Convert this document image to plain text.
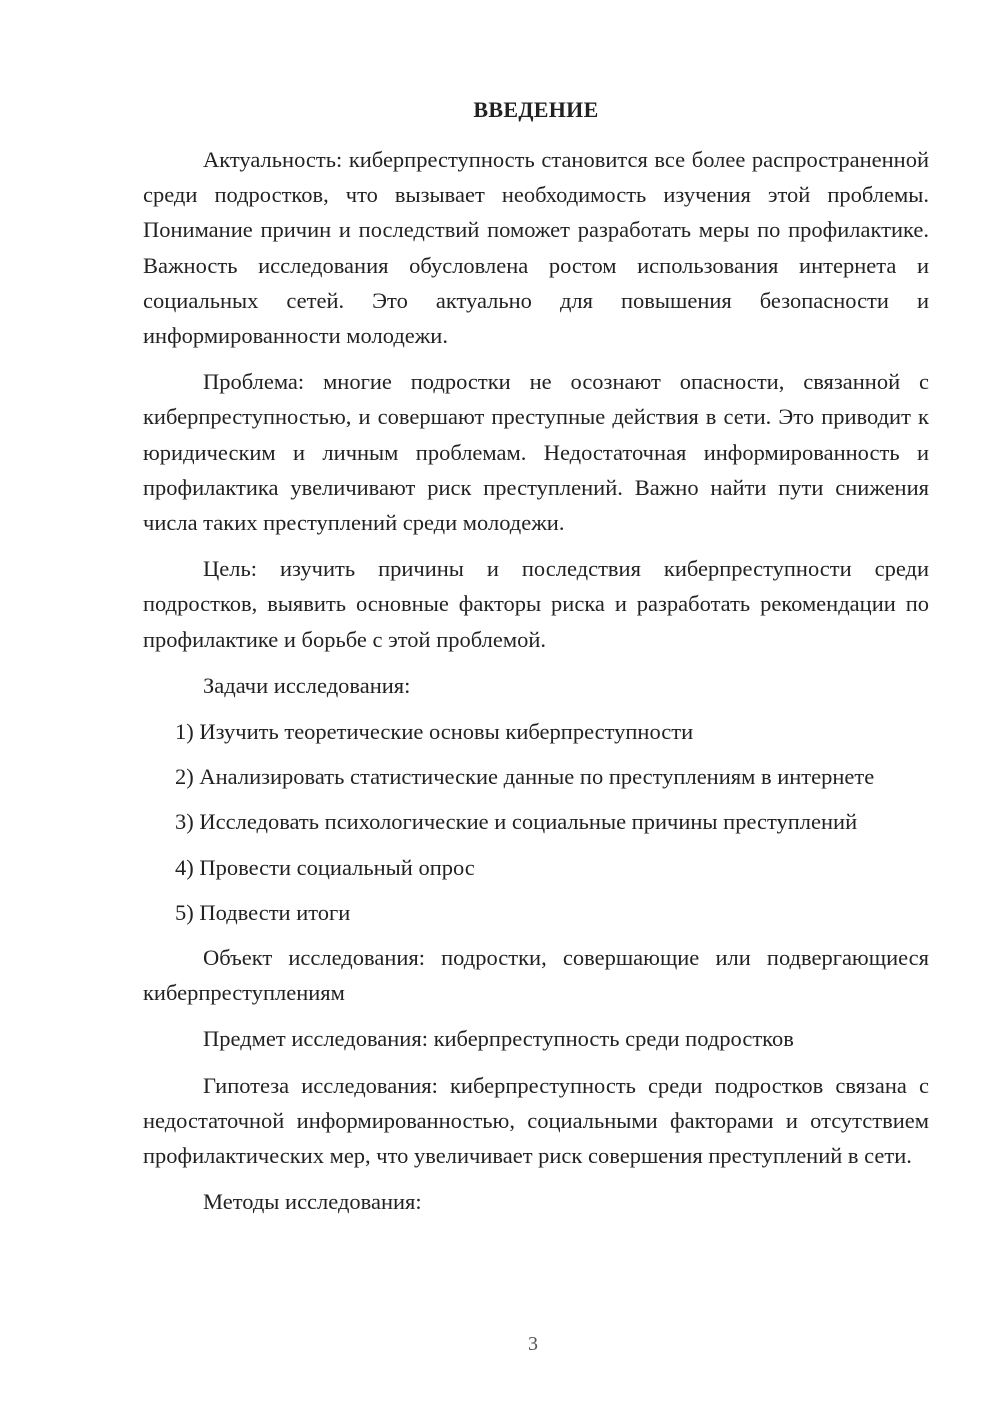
ВВЕДЕНИЕ

Актуальность: киберпреступность становится все более распространенной среди подростков, что вызывает необходимость изучения этой проблемы. Понимание причин и последствий поможет разработать меры по профилактике. Важность исследования обусловлена ростом использования интернета и социальных сетей. Это актуально для повышения безопасности и информированности молодежи.

Проблема: многие подростки не осознают опасности, связанной с киберпреступностью, и совершают преступные действия в сети. Это приводит к юридическим и личным проблемам. Недостаточная информированность и профилактика увеличивают риск преступлений. Важно найти пути снижения числа таких преступлений среди молодежи.

Цель: изучить причины и последствия киберпреступности среди подростков, выявить основные факторы риска и разработать рекомендации по профилактике и борьбе с этой проблемой.

Задачи исследования:

1) Изучить теоретические основы киберпреступности

2) Анализировать статистические данные по преступлениям в интернете

3) Исследовать психологические и социальные причины преступлений

4) Провести социальный опрос

5) Подвести итоги

Объект исследования: подростки, совершающие или подвергающиеся киберпреступлениям

Предмет исследования: киберпреступность среди подростков

Гипотеза исследования: киберпреступность среди подростков связана с недостаточной информированностью, социальными факторами и отсутствием профилактических мер, что увеличивает риск совершения преступлений в сети.

Методы исследования:

3
